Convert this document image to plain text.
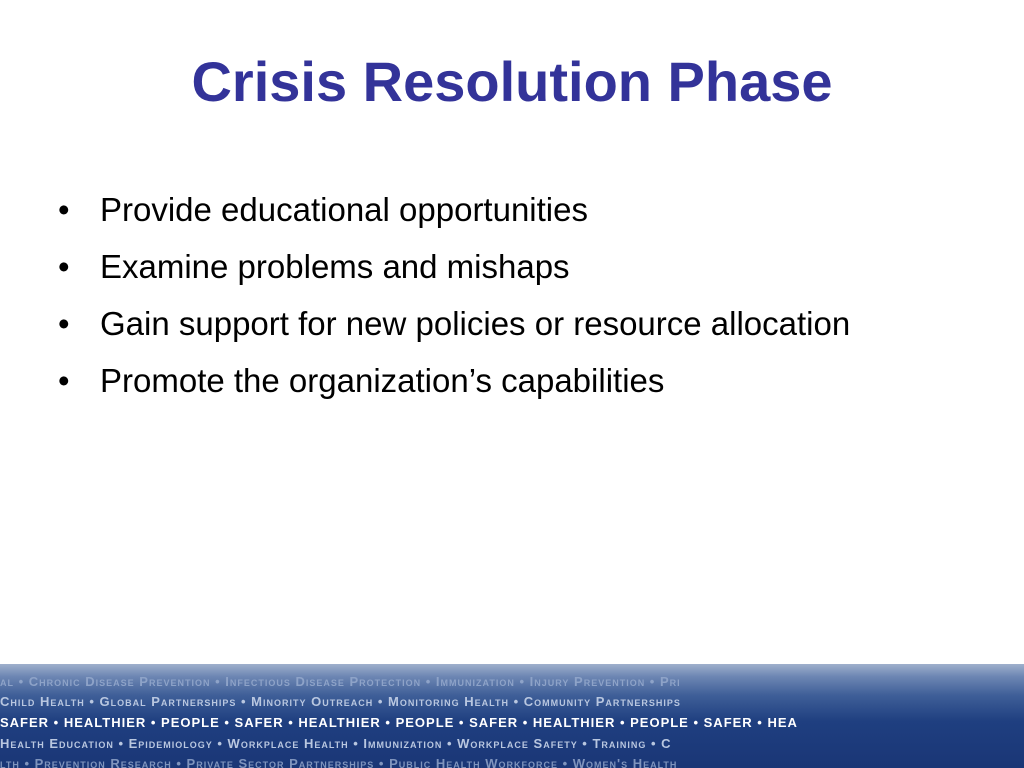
Crisis Resolution Phase
• Provide educational opportunities
• Examine problems and mishaps
• Gain support for new policies or resource allocation
• Promote the organization’s capabilities
al • Chronic Disease Prevention • Infectious Disease Protection • Immunization • Injury Prevention • Pri
Child Health • Global Partnerships • Minority Outreach • Monitoring Health • Community Partnerships
SAFER • HEALTHIER • PEOPLE • SAFER • HEALTHIER • PEOPLE • SAFER • HEALTHIER • PEOPLE • SAFER • HEA
Health Education • Epidemiology • Workplace Health • Immunization • Workplace Safety • Training • C
lth • Prevention Research • Private Sector Partnerships • Public Health Workforce • Women's Health
